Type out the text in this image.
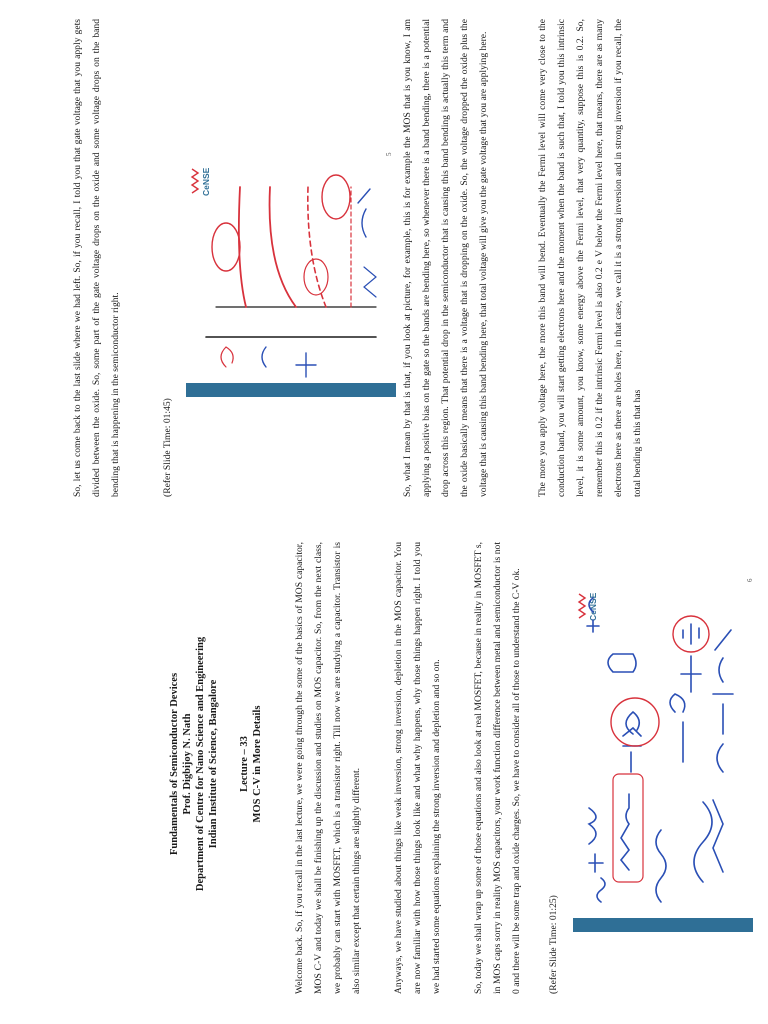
Fundamentals of Semiconductor Devices Prof. Digbijoy N. Nath Department of Centre for Nano Science and Engineering Indian Institute of Science, Bangalore Lecture – 33 MOS C-V in More Details	Welcome back. So, if you recall in the last lecture, we were going through the some of the basics of MOS capacitor, MOS C-V and today we shall be finishing up the discussion and studies on MOS capacitor. So, from the next class, we probably can start with MOSFET, which is a transistor right. Till now we are studying a capacitor. Transistor is also similar except that certain things are slightly different.	Anyways, we have studied about things like weak inversion, strong inversion, depletion in the MOS capacitor. You are now familiar with how those things look like and what why happens, why those things happen right. I told you we had started some equations explaining the strong inversion and depletion and so on.	So, today we shall wrap up some of those equations and also look at real MOSFET, because in reality in MOSFET s, in MOS caps sorry in reality MOS capacitors, your work function difference between metal and semiconductor is not 0 and there will be some trap and oxide charges. So, we have to consider all of those to understand the C-V ok.	(Refer Slide Time: 01:25)
CeNSE
6
So, let us come back to the last slide where we had left. So, if you recall, I told you that gate voltage that you apply gets divided between the oxide. So, some part of the gate voltage drops on the oxide and some voltage drops on the band bending that is happening in the semiconductor right.	(Refer Slide Time: 01:45)
CeNSE
5 So, what I mean by that is that, if you look at picture, for example, this is for example the MOS that is you know, I am applying a positive bias on the gate so the bands are bending here, so whenever there is a band bending, there is a potential drop across this region. That potential drop in the semiconductor that is causing this band bending is actually this term and the oxide basically means that there is a voltage that is dropping on the oxide. So, the voltage dropped the oxide plus the voltage that is causing this band bending here, that total voltage will give you the gate voltage that you are applying here.	The more you apply voltage here, the more this band will bend. Eventually the Fermi level will come very close to the conduction band, you will start getting electrons here and the moment when the band is such that, I told you this intrinsic level, it is some amount, you know, some energy above the Fermi level, that very quantity, suppose this is 0.2. So, remember this is 0.2 if the intrinsic Fermi level is also 0.2 e V below the Fermi level here, that means, there are as many electrons here as there are holes here, in that case, we call it is a strong inversion and in strong inversion if you recall, the total bending is this that has
